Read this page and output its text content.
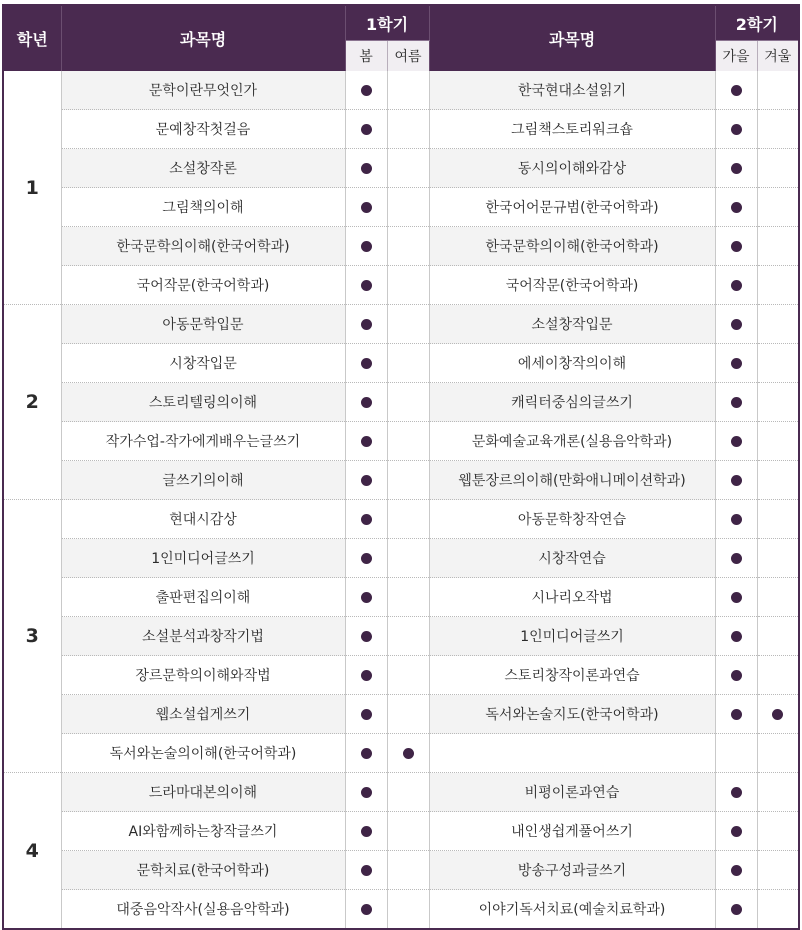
학년	과목명	1학기		과목명	2학기	
		봄	여름		가을	겨울
1	문학이란무엇인가			한국현대소설읽기		
	문예창작첫걸음			그림책스토리워크숍		
	소설창작론			동시의이해와감상		
	그림책의이해			한국어어문규범(한국어학과)		
	한국문학의이해(한국어학과)			한국문학의이해(한국어학과)		
	국어작문(한국어학과)			국어작문(한국어학과)		
2	아동문학입문			소설창작입문		
	시창작입문			에세이창작의이해		
	스토리텔링의이해			캐릭터중심의글쓰기		
	작가수업-작가에게배우는글쓰기			문화예술교육개론(실용음악학과)		
	글쓰기의이해			웹툰장르의이해(만화애니메이션학과)		
3	현대시감상			아동문학창작연습		
	1인미디어글쓰기			시창작연습		
	출판편집의이해			시나리오작법		
	소설분석과창작기법			1인미디어글쓰기		
	장르문학의이해와작법			스토리창작이론과연습		
	웹소설쉽게쓰기			독서와논술지도(한국어학과)		
	독서와논술의이해(한국어학과)					
4	드라마대본의이해			비평이론과연습		
	AI와함께하는창작글쓰기			내인생쉽게풀어쓰기		
	문학치료(한국어학과)			방송구성과글쓰기		
	대중음악작사(실용음악학과)			이야기독서치료(예술치료학과)		
